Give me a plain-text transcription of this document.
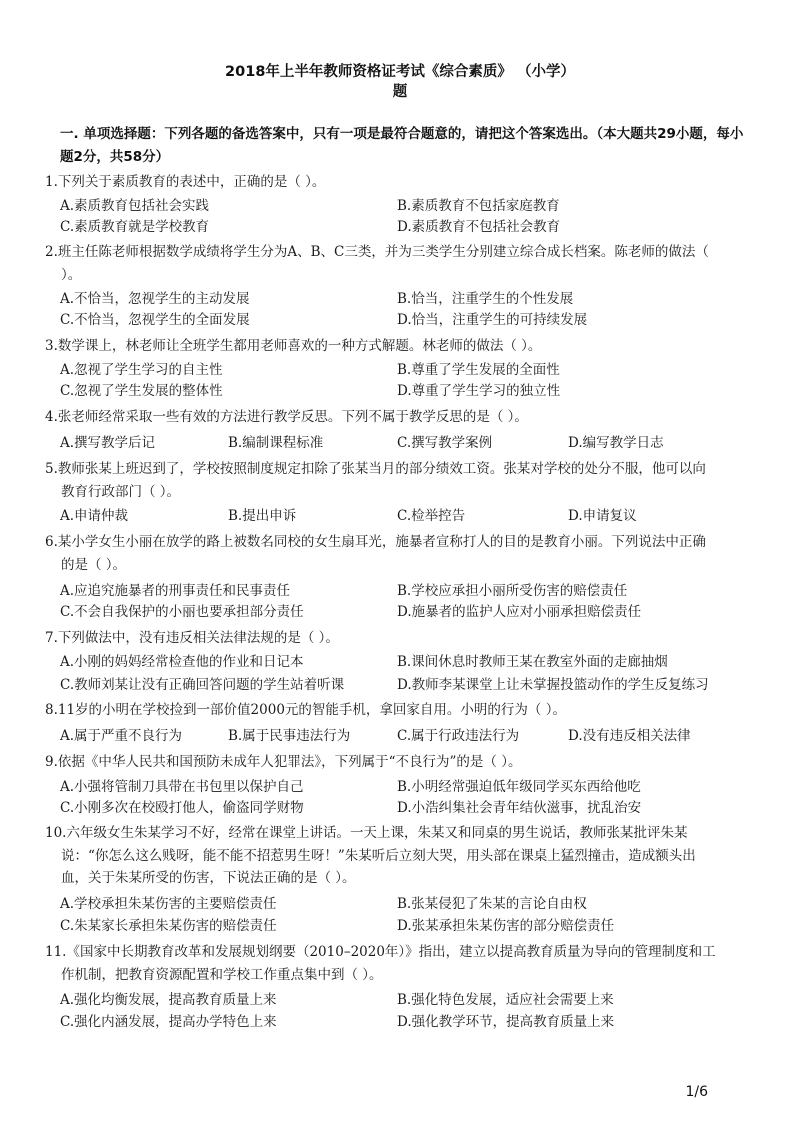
2018年上半年教师资格证考试《综合素质》 （小学）
题
一. 单项选择题：下列各题的备选答案中，只有一项是最符合题意的，请把这个答案选出。（本大题共29小题，每小题2分，共58分）
1.下列关于素质教育的表述中，正确的是（ ）。
A.素质教育包括社会实践	B.素质教育不包括家庭教育
C.素质教育就是学校教育	D.素质教育不包括社会教育
2.班主任陈老师根据数学成绩将学生分为A、B、C三类，并为三类学生分别建立综合成长档案。陈老师的做法（
）。
A.不恰当，忽视学生的主动发展	B.恰当，注重学生的个性发展
C.不恰当，忽视学生的全面发展	D.恰当，注重学生的可持续发展
3.数学课上，林老师让全班学生都用老师喜欢的一种方式解题。林老师的做法（ ）。
A.忽视了学生学习的自主性	B.尊重了学生发展的全面性
C.忽视了学生发展的整体性	D.尊重了学生学习的独立性
4.张老师经常采取一些有效的方法进行教学反思。下列不属于教学反思的是（ ）。
A.撰写教学后记	B.编制课程标准	C.撰写教学案例	D.编写教学日志
5.教师张某上班迟到了，学校按照制度规定扣除了张某当月的部分绩效工资。张某对学校的处分不服，他可以向
教育行政部门（ ）。
A.申请仲裁	B.提出申诉	C.检举控告	D.申请复议
6.某小学女生小丽在放学的路上被数名同校的女生扇耳光，施暴者宣称打人的目的是教育小丽。下列说法中正确
的是（ ）。
A.应追究施暴者的刑事责任和民事责任	B.学校应承担小丽所受伤害的赔偿责任
C.不会自我保护的小丽也要承担部分责任	D.施暴者的监护人应对小丽承担赔偿责任
7.下列做法中，没有违反相关法律法规的是（ ）。
A.小刚的妈妈经常检查他的作业和日记本	B.课间休息时教师王某在教室外面的走廊抽烟
C.教师刘某让没有正确回答问题的学生站着听课	D.教师李某课堂上让未掌握投篮动作的学生反复练习
8.11岁的小明在学校捡到一部价值2000元的智能手机，拿回家自用。小明的行为（ ）。
A.属于严重不良行为	B.属于民事违法行为	C.属于行政违法行为	D.没有违反相关法律
9.依据《中华人民共和国预防未成年人犯罪法》，下列属于“不良行为”的是（ ）。
A.小强将管制刀具带在书包里以保护自己	B.小明经常强迫低年级同学买东西给他吃
C.小刚多次在校殴打他人，偷盗同学财物	D.小浩纠集社会青年结伙滋事，扰乱治安
10.六年级女生朱某学习不好，经常在课堂上讲话。一天上课，朱某又和同桌的男生说话，教师张某批评朱某
说：“你怎么这么贱呀，能不能不招惹男生呀！”朱某听后立刻大哭，用头部在课桌上猛烈撞击，造成额头出
血，关于朱某所受的伤害，下说法正确的是（ ）。
A.学校承担朱某伤害的主要赔偿责任	B.张某侵犯了朱某的言论自由权
C.朱某家长承担朱某伤害的赔偿责任	D.张某承担朱某伤害的部分赔偿责任
11.《国家中长期教育改革和发展规划纲要（2010–2020年）》指出，建立以提高教育质量为导向的管理制度和工
作机制，把教育资源配置和学校工作重点集中到（ ）。
A.强化均衡发展，提高教育质量上来	B.强化特色发展，适应社会需要上来
C.强化内涵发展，提高办学特色上来	D.强化教学环节，提高教育质量上来
1/6
